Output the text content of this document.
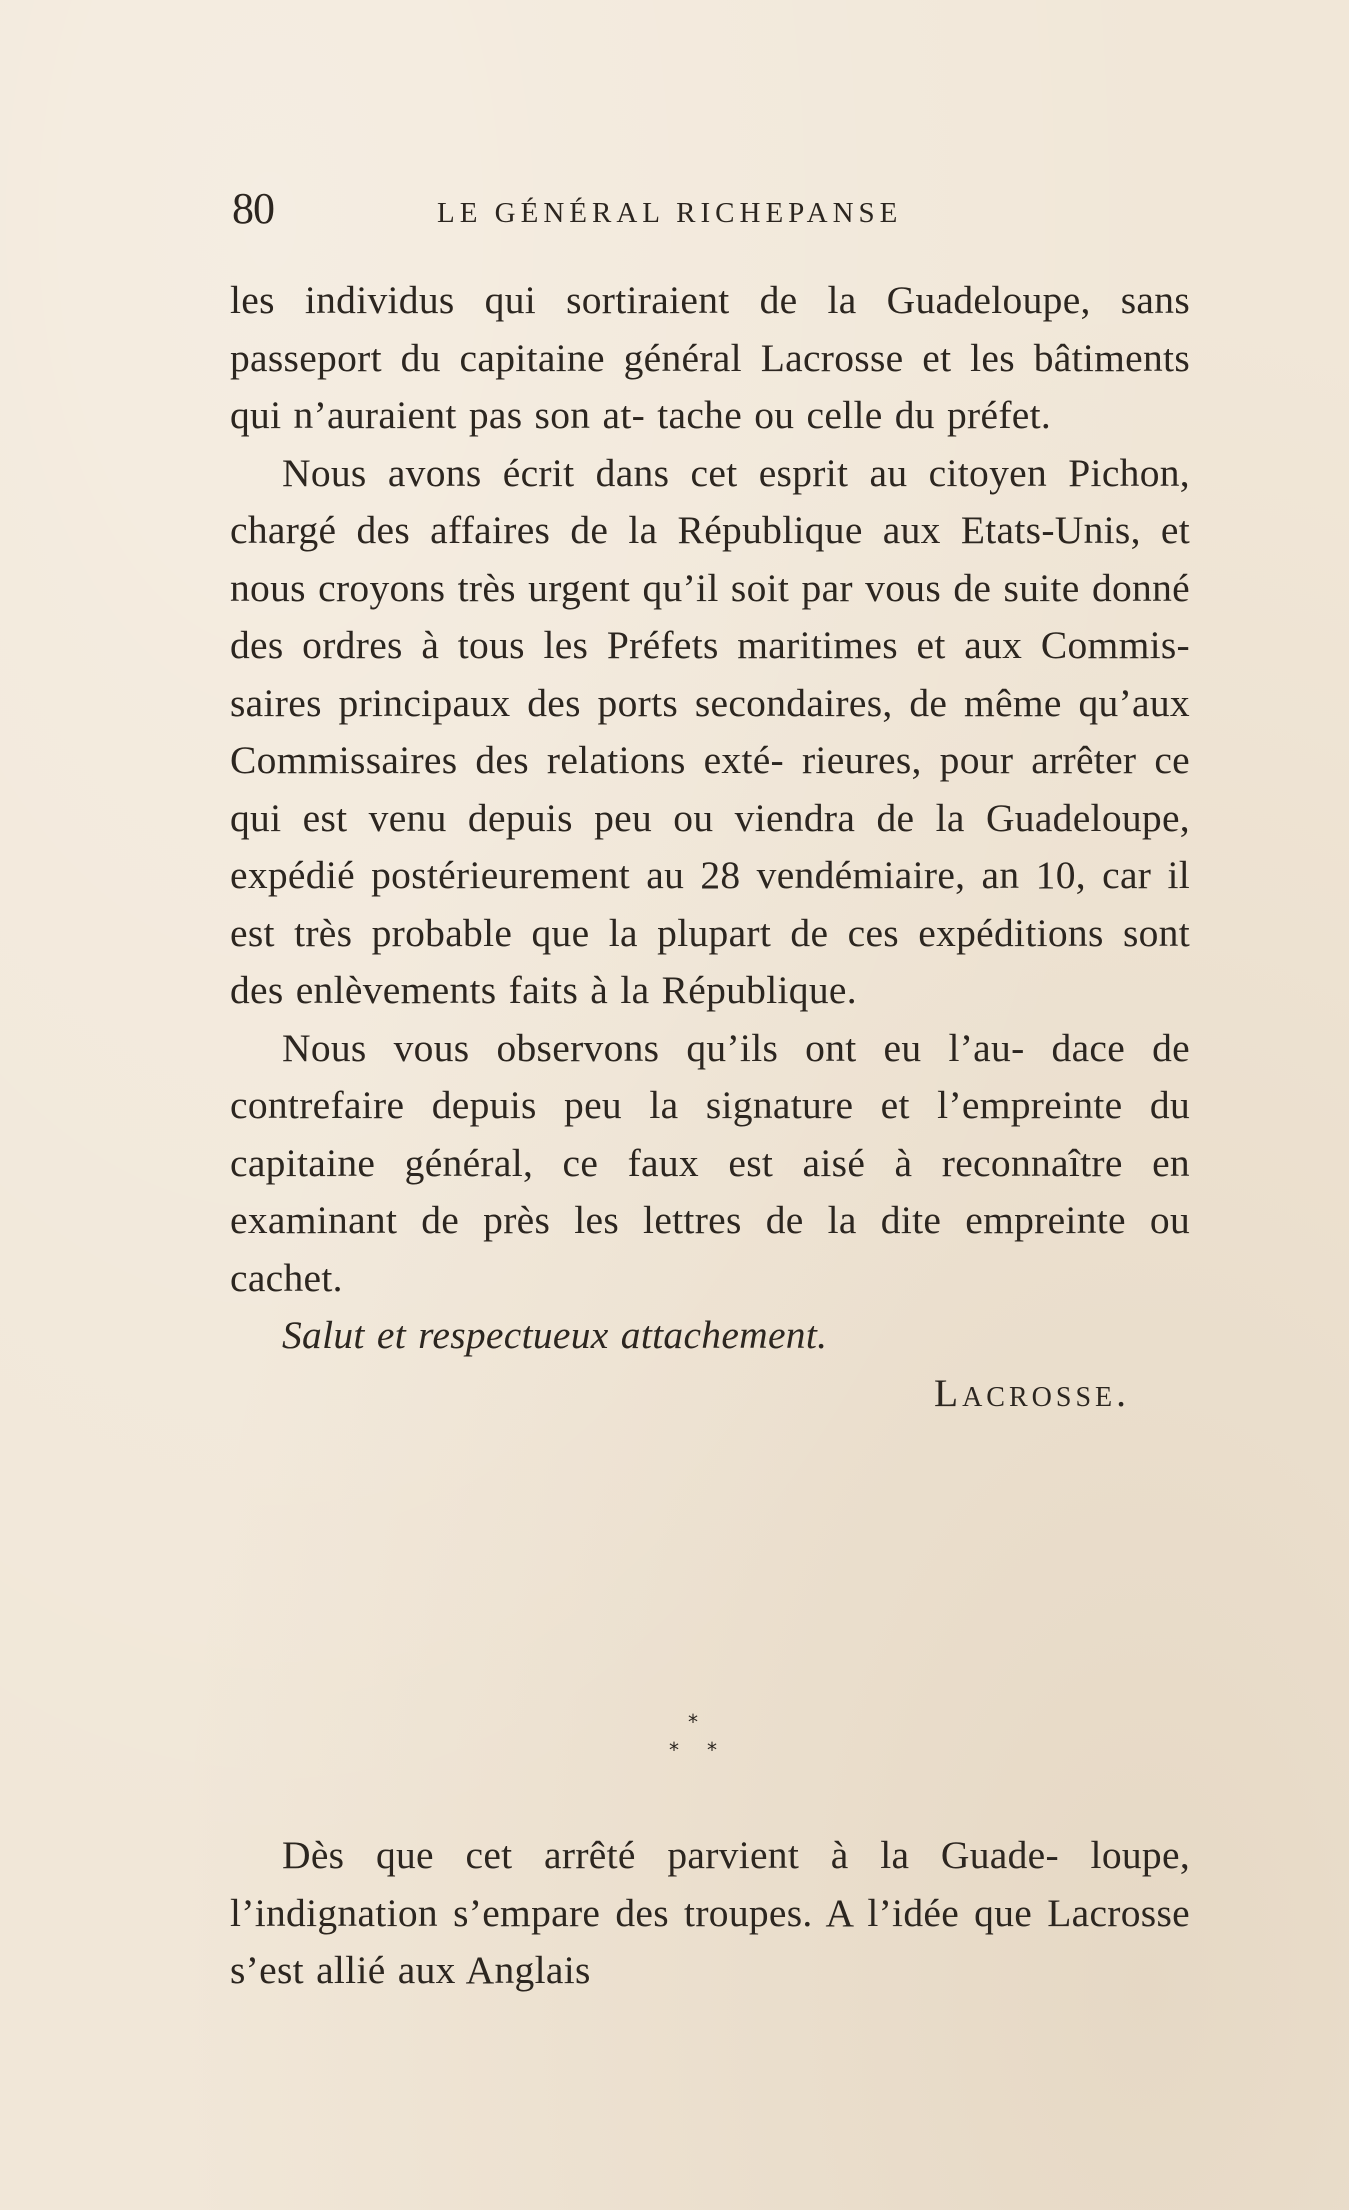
80	LE GÉNÉRAL RICHEPANSE

les individus qui sortiraient de la Guadeloupe, sans passeport du capitaine général Lacrosse et les bâtiments qui n’auraient pas son at- tache ou celle du préfet.

Nous avons écrit dans cet esprit au citoyen Pichon, chargé des affaires de la République aux Etats-Unis, et nous croyons très urgent qu’il soit par vous de suite donné des ordres à tous les Préfets maritimes et aux Commis- saires principaux des ports secondaires, de même qu’aux Commissaires des relations exté- rieures, pour arrêter ce qui est venu depuis peu ou viendra de la Guadeloupe, expédié postérieurement au 28 vendémiaire, an 10, car il est très probable que la plupart de ces expéditions sont des enlèvements faits à la République.

Nous vous observons qu’ils ont eu l’au- dace de contrefaire depuis peu la signature et l’empreinte du capitaine général, ce faux est aisé à reconnaître en examinant de près les lettres de la dite empreinte ou cachet.

Salut et respectueux attachement.

Lacrosse.

*
* *

Dès que cet arrêté parvient à la Guade- loupe, l’indignation s’empare des troupes. A l’idée que Lacrosse s’est allié aux Anglais
